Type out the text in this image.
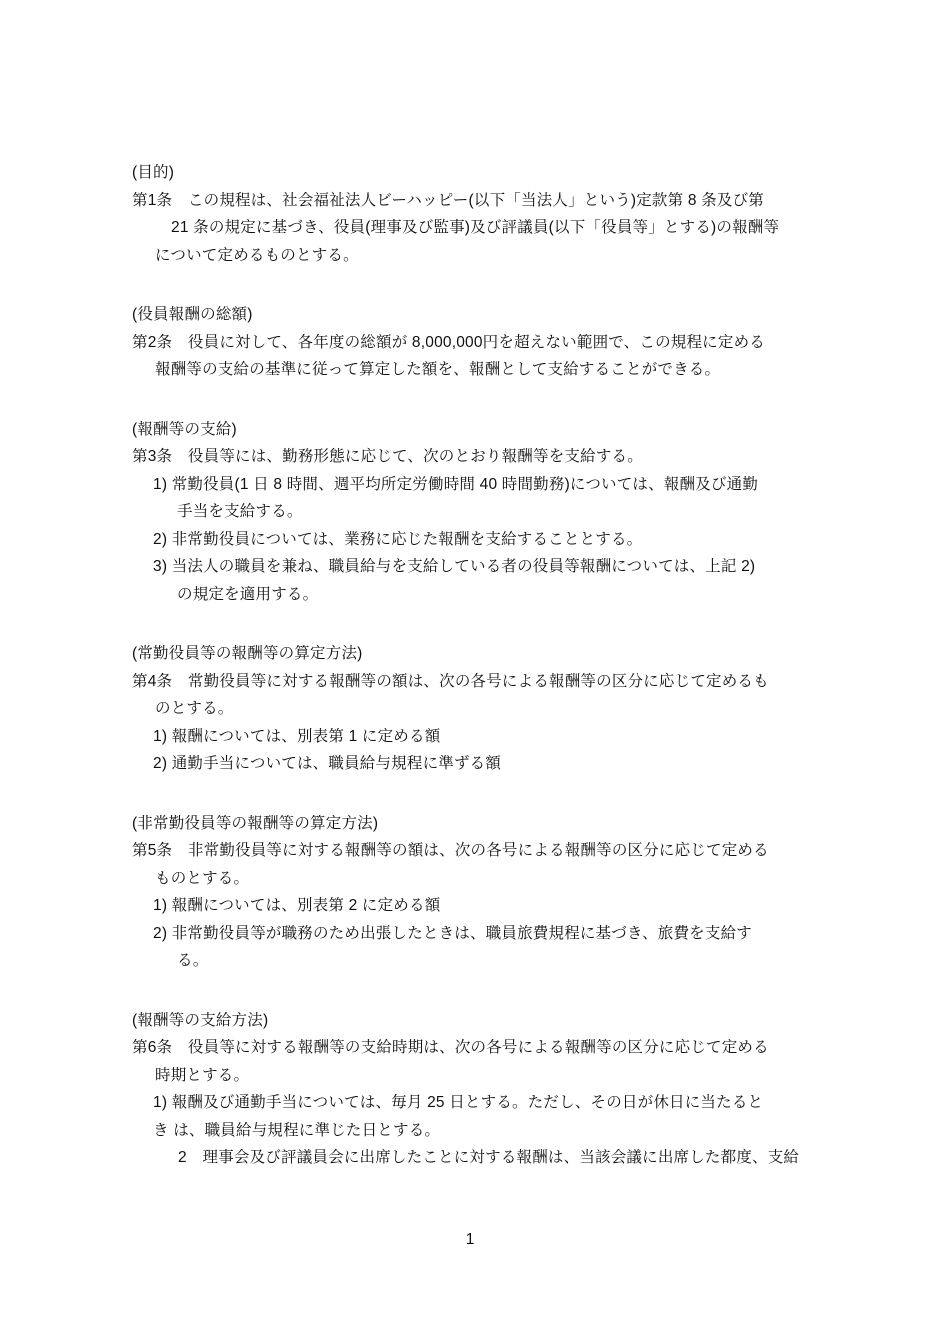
(目的)
第1条　この規程は、社会福祉法人ビーハッピー(以下「当法人」という)定款第 8 条及び第
21 条の規定に基づき、役員(理事及び監事)及び評議員(以下「役員等」とする)の報酬等
について定めるものとする。
(役員報酬の総額)
第2条　役員に対して、各年度の総額が 8,000,000円を超えない範囲で、この規程に定める
報酬等の支給の基準に従って算定した額を、報酬として支給することができる。
(報酬等の支給)
第3条　役員等には、勤務形態に応じて、次のとおり報酬等を支給する。
1) 常勤役員(1 日 8 時間、週平均所定労働時間 40 時間勤務)については、報酬及び通勤
手当を支給する。
2) 非常勤役員については、業務に応じた報酬を支給することとする。
3) 当法人の職員を兼ね、職員給与を支給している者の役員等報酬については、上記 2)
の規定を適用する。
(常勤役員等の報酬等の算定方法)
第4条　常勤役員等に対する報酬等の額は、次の各号による報酬等の区分に応じて定めるも
のとする。
1) 報酬については、別表第 1 に定める額
2) 通勤手当については、職員給与規程に準ずる額
(非常勤役員等の報酬等の算定方法)
第5条　非常勤役員等に対する報酬等の額は、次の各号による報酬等の区分に応じて定める
ものとする。
1) 報酬については、別表第 2 に定める額
2) 非常勤役員等が職務のため出張したときは、職員旅費規程に基づき、旅費を支給す
る。
(報酬等の支給方法)
第6条　役員等に対する報酬等の支給時期は、次の各号による報酬等の区分に応じて定める
時期とする。
1) 報酬及び通勤手当については、毎月 25 日とする。ただし、その日が休日に当たると
き は、職員給与規程に準じた日とする。
2　理事会及び評議員会に出席したことに対する報酬は、当該会議に出席した都度、支給
1
